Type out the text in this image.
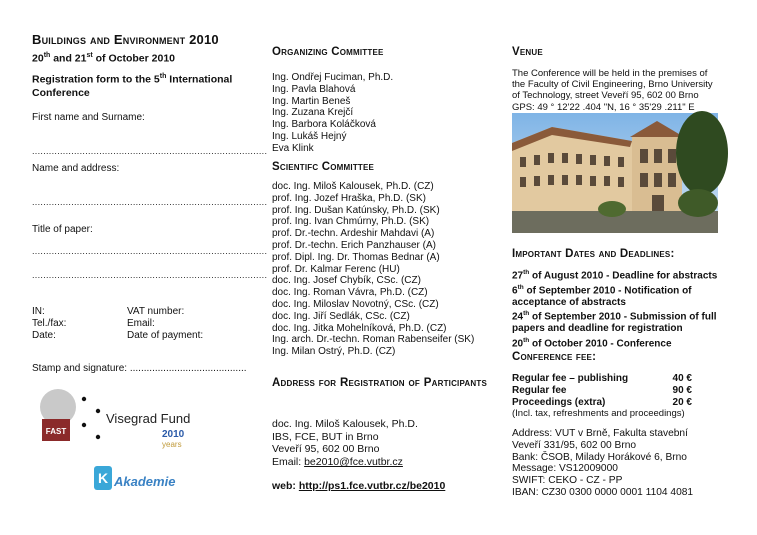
Buildings and Environment 2010
20th and 21st of October 2010
Registration form to the 5th International Conference
First name and Surname:
....................................................................................
Name and address:
....................................................................................
Title of paper:
....................................................................................
....................................................................................
IN:	VAT number:
Tel./fax:	Email:
Date:	Date of payment:
Stamp and signature: ..........................................
FAST
Visegrad Fund
2010
years
K Akademie
Organizing Committee
Ing. Ondřej Fuciman, Ph.D.
Ing. Pavla Blahová
Ing. Martin Beneš
Ing. Zuzana Krejčí
Ing. Barbora Koláčková
Ing. Lukáš Hejný
Eva Klink
Scientifc Committee
doc. Ing. Miloš Kalousek, Ph.D. (CZ)
prof. Ing. Jozef Hraška, Ph.D. (SK)
prof. Ing. Dušan Katúnsky, Ph.D. (SK)
prof. Ing. Ivan Chmúrny, Ph.D. (SK)
prof. Dr.-techn. Ardeshir Mahdavi (A)
prof. Dr.-techn. Erich Panzhauser (A)
prof. Dipl. Ing. Dr. Thomas Bednar (A)
prof. Dr. Kalmar Ferenc (HU)
doc. Ing. Josef Chybík, CSc. (CZ)
doc. Ing. Roman Vávra, Ph.D. (CZ)
doc. Ing. Miloslav Novotný, CSc. (CZ)
doc. Ing. Jiří Sedlák, CSc. (CZ)
doc. Ing. Jitka Mohelníková, Ph.D. (CZ)
Ing. arch. Dr.-techn. Roman Rabenseifer (SK)
Ing. Milan Ostrý, Ph.D. (CZ)
Address for Registration of Participants
doc. Ing. Miloš Kalousek, Ph.D.
IBS, FCE, BUT in Brno
Veveří 95, 602 00 Brno
Email: be2010@fce.vutbr.cz
web: http://ps1.fce.vutbr.cz/be2010
Venue
The Conference will be held in the premises of the Faculty of Civil Engineering, Brno University of Technology, street Veveří 95, 602 00 Brno
GPS: 49 ° 12'22 .404 "N, 16 ° 35'29 .211" E
Important Dates and Deadlines:
27th of August 2010 - Deadline for abstracts
6th of September 2010 - Notification of acceptance of abstracts
24th of September 2010 - Submission of full papers and deadline for registration
20th of October 2010 - Conference
Conference fee:
Regular fee – publishing	40 €
Regular fee	90 €
Proceedings (extra)	20 €
(Incl. tax, refreshments and proceedings)
Address: VUT v Brně, Fakulta stavební
Veveří 331/95, 602 00 Brno
Bank: ČSOB, Milady Horákové 6, Brno
Message: VS12009000
SWIFT: CEKO - CZ - PP
IBAN: CZ30 0300 0000 0001 1104 4081
